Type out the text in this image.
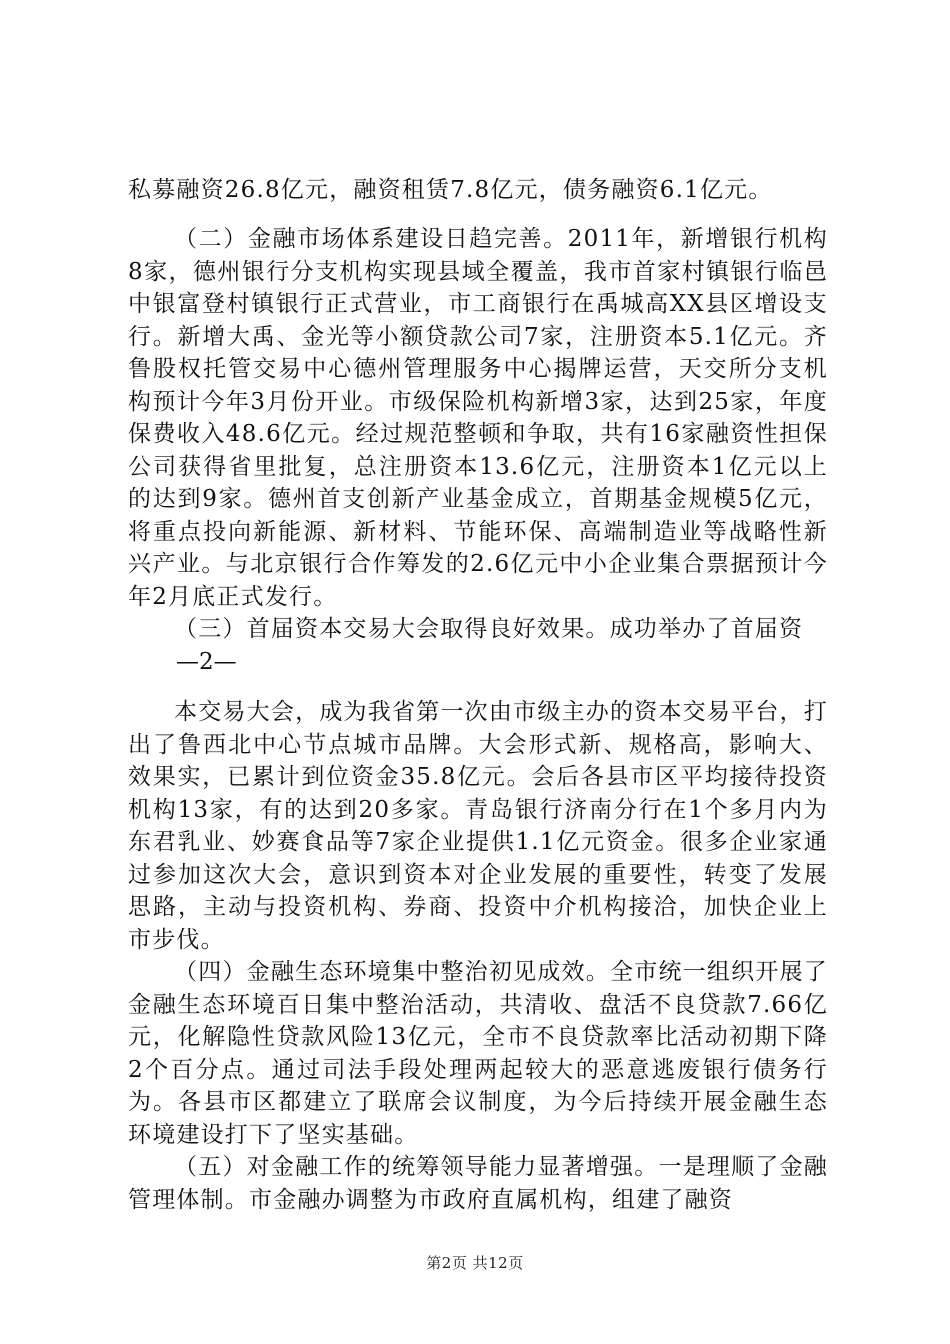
私募融资26.8亿元，融资租赁7.8亿元，债务融资6.1亿元。

（二）金融市场体系建设日趋完善。2011年，新增银行机构8家，德州银行分支机构实现县域全覆盖，我市首家村镇银行临邑中银富登村镇银行正式营业，市工商银行在禹城高XX县区增设支行。新增大禹、金光等小额贷款公司7家，注册资本5.1亿元。齐鲁股权托管交易中心德州管理服务中心揭牌运营，天交所分支机构预计今年3月份开业。市级保险机构新增3家，达到25家，年度保费收入48.6亿元。经过规范整顿和争取，共有16家融资性担保公司获得省里批复，总注册资本13.6亿元，注册资本1亿元以上的达到9家。德州首支创新产业基金成立，首期基金规模5亿元，将重点投向新能源、新材料、节能环保、高端制造业等战略性新兴产业。与北京银行合作筹发的2.6亿元中小企业集合票据预计今年2月底正式发行。

（三）首届资本交易大会取得良好效果。成功举办了首届资

—2—

本交易大会，成为我省第一次由市级主办的资本交易平台，打出了鲁西北中心节点城市品牌。大会形式新、规格高，影响大、效果实，已累计到位资金35.8亿元。会后各县市区平均接待投资机构13家，有的达到20多家。青岛银行济南分行在1个多月内为东君乳业、妙赛食品等7家企业提供1.1亿元资金。很多企业家通过参加这次大会，意识到资本对企业发展的重要性，转变了发展思路，主动与投资机构、券商、投资中介机构接洽，加快企业上市步伐。

（四）金融生态环境集中整治初见成效。全市统一组织开展了金融生态环境百日集中整治活动，共清收、盘活不良贷款7.66亿元，化解隐性贷款风险13亿元，全市不良贷款率比活动初期下降2个百分点。通过司法手段处理两起较大的恶意逃废银行债务行为。各县市区都建立了联席会议制度，为今后持续开展金融生态环境建设打下了坚实基础。

（五）对金融工作的统筹领导能力显著增强。一是理顺了金融管理体制。市金融办调整为市政府直属机构，组建了融资

第2页 共12页
